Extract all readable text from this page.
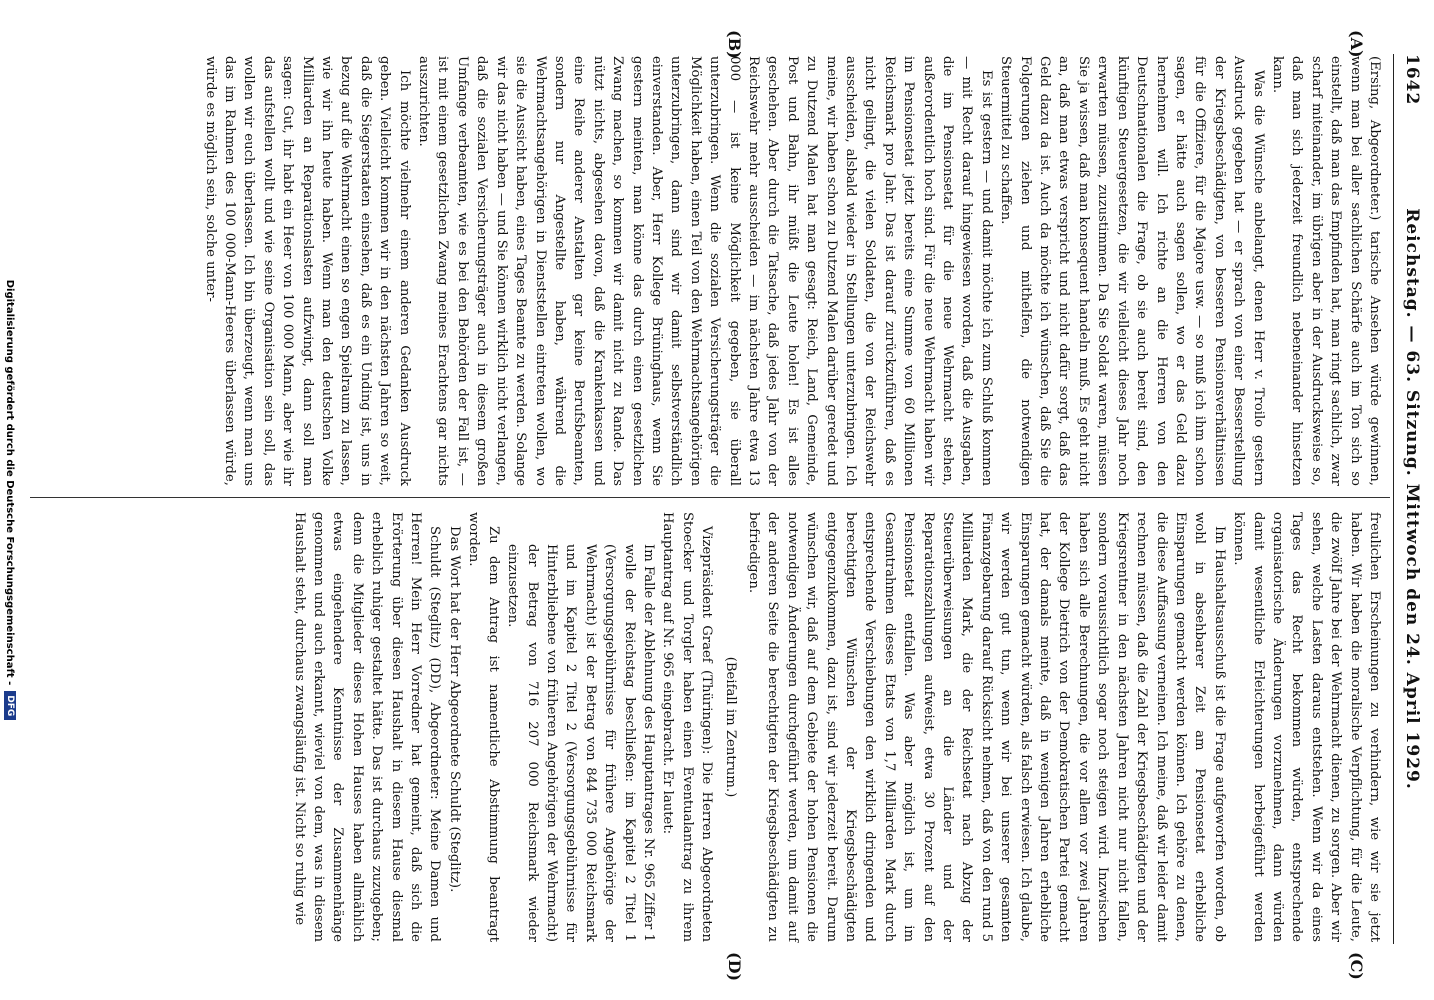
1642
Reichstag. — 63. Sitzung. Mittwoch den 24. April 1929.
(A)
(B)
(C)
(D)

(Ersing, Abgeordneter.) tarische Ansehen würde gewinnen, wenn man bei aller sachlichen Schärfe auch im Ton sich so einstellt, daß man das Empfinden hat, man ringt sachlich, zwar scharf miteinander, im übrigen aber in der Ausdrucksweise so, daß man sich jederzeit freundlich nebeneinander hinsetzen kann.

Was die Wünsche anbelangt, denen Herr v. Troilo gestern Ausdruck gegeben hat — er sprach von einer Besserstellung der Kriegsbeschädigten, von besseren Pensionsverhältnissen für die Offiziere, für die Majore usw. — so muß ich ihm schon sagen, er hätte auch sagen sollen, wo er das Geld dazu hernehmen will. Ich richte an die Herren von den Deutschnationalen die Frage, ob sie auch bereit sind, den künftigen Steuergesetzen, die wir vielleicht dieses Jahr noch erwarten müssen, zuzustimmen. Da Sie Soldat waren, müssen Sie ja wissen, daß man konsequent handeln muß. Es geht nicht an, daß man etwas verspricht und nicht dafür sorgt, daß das Geld dazu da ist. Auch da möchte ich wünschen, daß Sie die Folgerungen ziehen und mithelfen, die notwendigen Steuermittel zu schaffen.

Es ist gestern — und damit möchte ich zum Schluß kommen — mit Recht darauf hingewiesen worden, daß die Ausgaben, die im Pensionsetat für die neue Wehrmacht stehen, außerordentlich hoch sind. Für die neue Wehrmacht haben wir im Pensionsetat jetzt bereits eine Summe von 60 Millionen Reichsmark pro Jahr. Das ist darauf zurückzuführen, daß es nicht gelingt, die vielen Soldaten, die von der Reichswehr ausscheiden, alsbald wieder in Stellungen unterzubringen. Ich meine, wir haben schon zu Dutzend Malen darüber geredet und zu Dutzend Malen hat man gesagt: Reich, Land, Gemeinde, Post und Bahn, ihr müßt die Leute holen! Es ist alles geschehen. Aber durch die Tatsache, daß jedes Jahr von der Reichswehr mehr ausscheiden — im nächsten Jahre etwa 13 000 — ist keine Möglichkeit gegeben, sie überall unterzubringen. Wenn die sozialen Versicherungsträger die Möglichkeit haben, einen Teil von den Wehrmachtsangehörigen unterzubringen, dann sind wir damit selbstverständlich einverstanden. Aber, Herr Kollege Brüninghaus, wenn Sie gestern meinten, man könne das durch einen gesetzlichen Zwang machen, so kommen wir damit nicht zu Rande. Das nützt nichts, abgesehen davon, daß die Krankenkassen und eine Reihe anderer Anstalten gar keine Berufsbeamten, sondern nur Angestellte haben, während die Wehrmachtsangehörigen in Dienststellen eintreten wollen, wo sie die Aussicht haben, eines Tages Beamte zu werden. Solange wir das nicht haben — und Sie können wirklich nicht verlangen, daß die sozialen Versicherungsträger auch in diesem großen Umfange verbeamten, wie es bei den Behörden der Fall ist, — ist mit einem gesetzlichen Zwang meines Erachtens gar nichts auszurichten.

Ich möchte vielmehr einem anderen Gedanken Ausdruck geben. Vielleicht kommen wir in den nächsten Jahren so weit, daß die Siegerstaaten einsehen, daß es ein Unding ist, uns in bezug auf die Wehrmacht einen so engen Spielraum zu lassen, wie wir ihn heute haben. Wenn man den deutschen Volke Milliarden an Reparationslasten aufzwingt, dann soll man sagen: Gut, ihr habt ein Heer von 100 000 Mann, aber wie ihr das aufstellen wollt und wie seine Organisation sein soll, das wollen wir euch überlassen. Ich bin überzeugt, wenn man uns das im Rahmen des 100 000-Mann-Heeres überlassen würde, würde es möglich sein, solche unter-

freulichen Erscheinungen zu verhindern, wie wir sie jetzt haben. Wir haben die moralische Verpflichtung, für die Leute, die zwölf Jahre bei der Wehrmacht dienen, zu sorgen. Aber wir sehen, welche Lasten daraus entstehen. Wenn wir da eines Tages das Recht bekommen würden, entsprechende organisatorische Änderungen vorzunehmen, dann würden damit wesentliche Erleichterungen herbeigeführt werden können.

Im Haushaltsausschuß ist die Frage aufgeworfen worden, ob wohl in absehbarer Zeit am Pensionsetat erhebliche Einsparungen gemacht werden können. Ich gehöre zu denen, die diese Auffassung verneinen. Ich meine, daß wir leider damit rechnen müssen, daß die Zahl der Kriegsbeschädigten und der Kriegsrentner in den nächsten Jahren nicht nur nicht fallen, sondern voraussichtlich sogar noch steigen wird. Inzwischen haben sich alle Berechnungen, die vor allem vor zwei Jahren der Kollege Dietrich von der Demokratischen Partei gemacht hat, der damals meinte, daß in wenigen Jahren erhebliche Einsparungen gemacht würden, als falsch erwiesen. Ich glaube, wir werden gut tun, wenn wir bei unserer gesamten Finanzgebarung darauf Rücksicht nehmen, daß von den rund 5 Milliarden Mark, die der Reichsetat nach Abzug der Steuerüberweisungen an die Länder und der Reparationszahlungen aufweist, etwa 30 Prozent auf den Pensionsetat entfallen. Was aber möglich ist, um im Gesamtrahmen dieses Etats von 1,7 Milliarden Mark durch entsprechende Verschiebungen den wirklich dringenden und berechtigten Wünschen der Kriegsbeschädigten entgegenzukommen, dazu ist, sind wir jederzeit bereit. Darum wünschen wir, daß auf dem Gebiete der hohen Pensionen die notwendigen Änderungen durchgeführt werden, um damit auf der anderen Seite die berechtigten der Kriegsbeschädigten zu befriedigen.

(Beifall im Zentrum.)

Vizepräsident Graef (Thüringen): Die Herren Abgeordneten Stoecker und Torgler haben einen Eventualantrag zu ihrem Hauptantrag auf Nr. 965 eingebracht. Er lautet:

Im Falle der Ablehnung des Hauptantrages Nr. 965 Ziffer 1 wolle der Reichstag beschließen: im Kapitel 2 Titel 1 (Versorgungsgebührnisse für frühere Angehörige der Wehrmacht) ist der Betrag von 844 735 000 Reichsmark und im Kapitel 2 Titel 2 (Versorgungsgebührnisse für Hinterbliebene von früheren Angehörigen der Wehrmacht) der Betrag von 716 207 000 Reichsmark wieder einzusetzen.

Zu dem Antrag ist namentliche Abstimmung beantragt worden.

Das Wort hat der Herr Abgeordnete Schuldt (Steglitz).

Schuldt (Steglitz) (DD), Abgeordneter: Meine Damen und Herren! Mein Herr Vorredner hat gemeint, daß sich die Erörterung über diesen Haushalt in diesem Hause diesmal erheblich ruhiger gestaltet hätte. Das ist durchaus zuzugeben; denn die Mitglieder dieses Hohen Hauses haben allmählich etwas eingehendere Kenntnisse der Zusammenhänge genommen und auch erkannt, wieviel von dem, was in diesem Haushalt steht, durchaus zwangsläufig ist. Nicht so ruhig wie

Digitalisierung gefördert durch die Deutsche Forschungsgemeinschaft -
DFG
